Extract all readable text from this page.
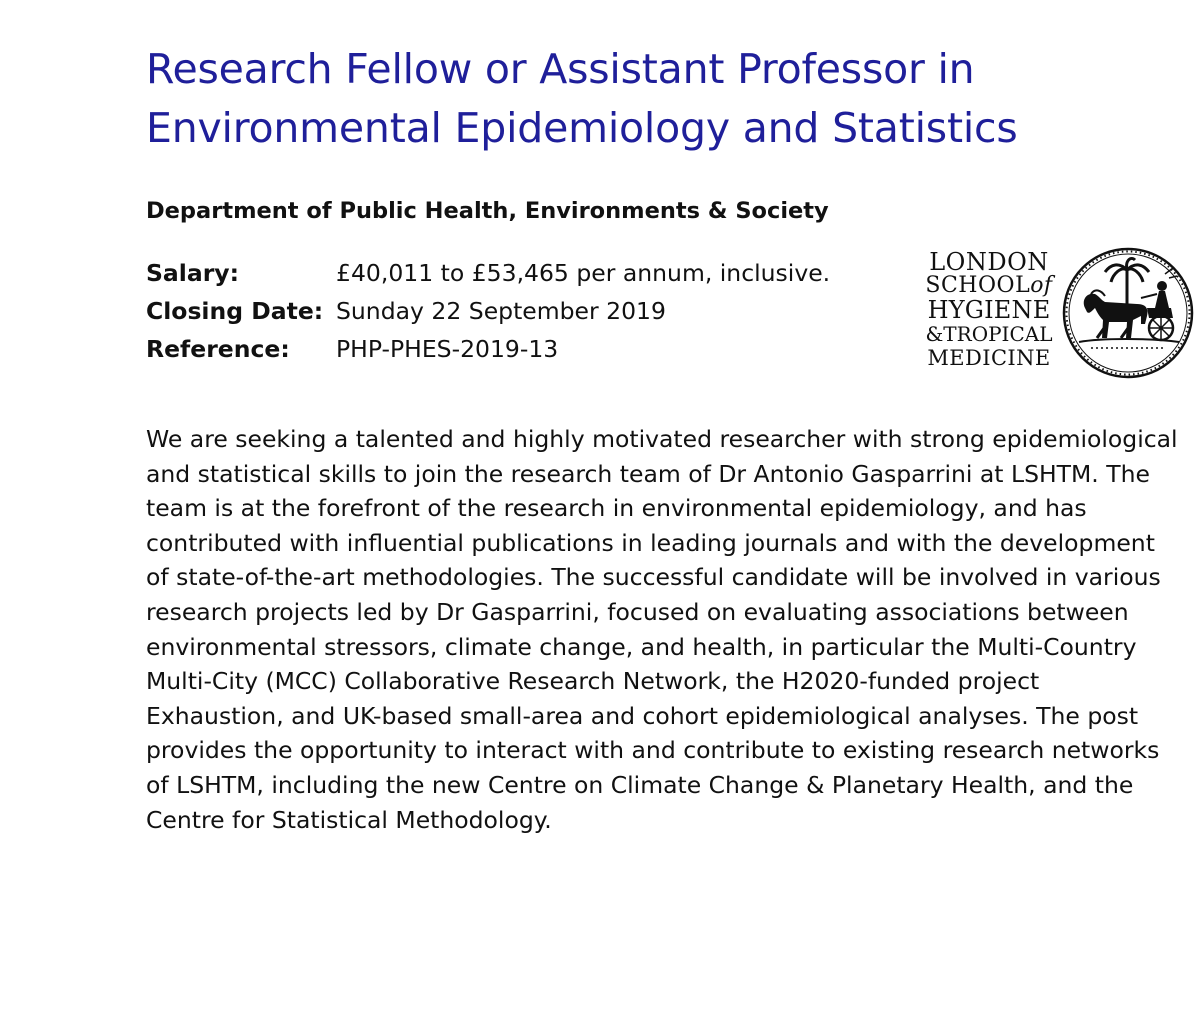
Research Fellow or Assistant Professor in Environmental Epidemiology and Statistics
Department of Public Health, Environments & Society
Salary:	£40,011 to £53,465 per annum, inclusive.
Closing Date: Sunday 22 September 2019
Reference:	PHP-PHES-2019-13
LONDON
SCHOOLof
HYGIENE
&TROPICAL
MEDICINE

We are seeking a talented and highly motivated researcher with strong epidemiological and statistical skills to join the research team of Dr Antonio Gasparrini at LSHTM. The team is at the forefront of the research in environmental epidemiology, and has contributed with influential publications in leading journals and with the development of state-of-the-art methodologies. The successful candidate will be involved in various research projects led by Dr Gasparrini, focused on evaluating associations between environmental stressors, climate change, and health, in particular the Multi-Country Multi-City (MCC) Collaborative Research Network, the H2020-funded project Exhaustion, and UK-based small-area and cohort epidemiological analyses. The post provides the opportunity to interact with and contribute to existing research networks of LSHTM, including the new Centre on Climate Change & Planetary Health, and the Centre for Statistical Methodology.
